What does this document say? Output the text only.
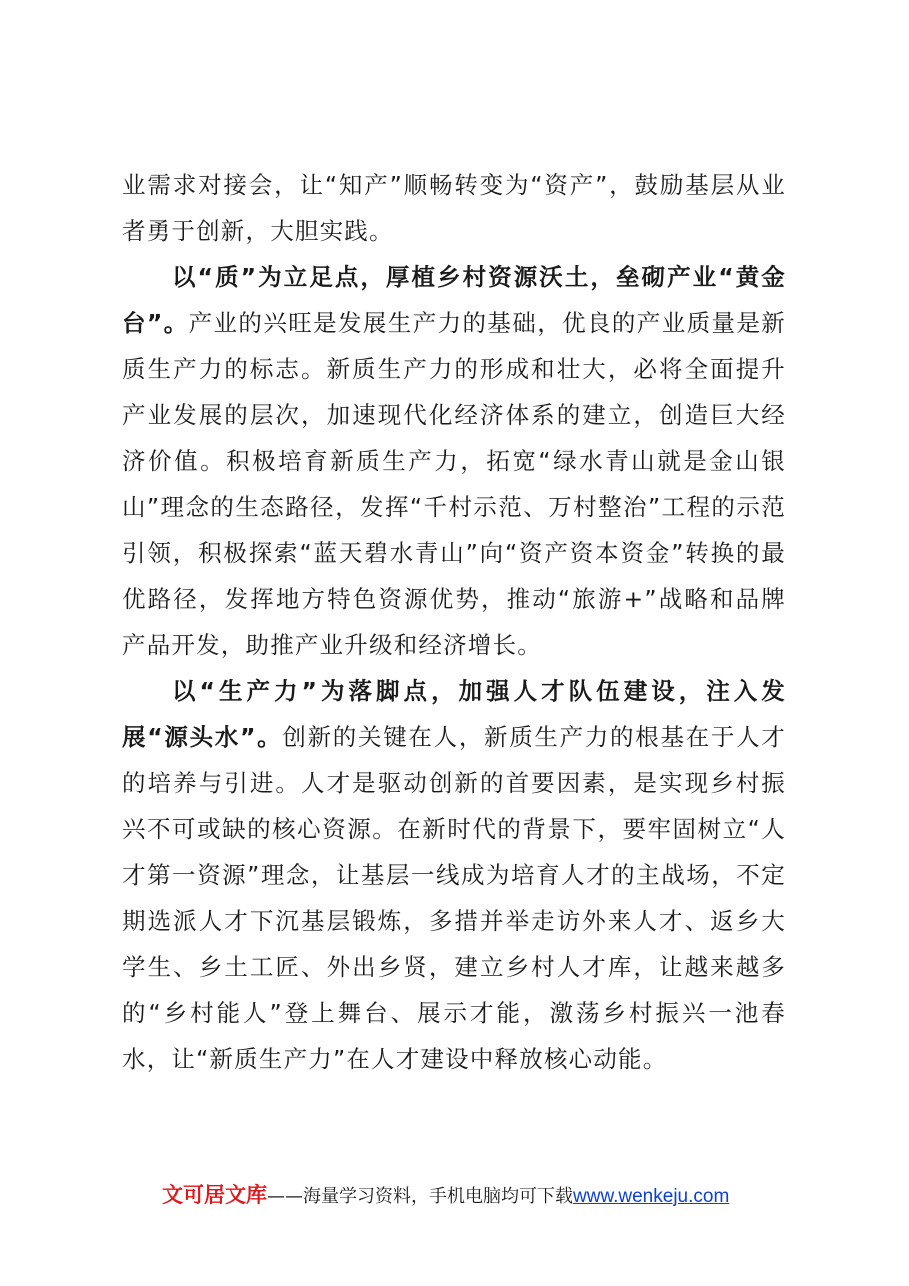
业需求对接会，让“知产”顺畅转变为“资产”，鼓励基层从业者勇于创新，大胆实践。

以“质”为立足点，厚植乡村资源沃土，垒砌产业“黄金台”。产业的兴旺是发展生产力的基础，优良的产业质量是新质生产力的标志。新质生产力的形成和壮大，必将全面提升产业发展的层次，加速现代化经济体系的建立，创造巨大经济价值。积极培育新质生产力，拓宽“绿水青山就是金山银山”理念的生态路径，发挥“千村示范、万村整治”工程的示范引领，积极探索“蓝天碧水青山”向“资产资本资金”转换的最优路径，发挥地方特色资源优势，推动“旅游+”战略和品牌产品开发，助推产业升级和经济增长。

以“生产力”为落脚点，加强人才队伍建设，注入发展“源头水”。创新的关键在人，新质生产力的根基在于人才的培养与引进。人才是驱动创新的首要因素，是实现乡村振兴不可或缺的核心资源。在新时代的背景下，要牢固树立“人才第一资源”理念，让基层一线成为培育人才的主战场，不定期选派人才下沉基层锻炼，多措并举走访外来人才、返乡大学生、乡土工匠、外出乡贤，建立乡村人才库，让越来越多的“乡村能人”登上舞台、展示才能，激荡乡村振兴一池春水，让“新质生产力”在人才建设中释放核心动能。

文可居文库——海量学习资料，手机电脑均可下载www.wenkeju.com
